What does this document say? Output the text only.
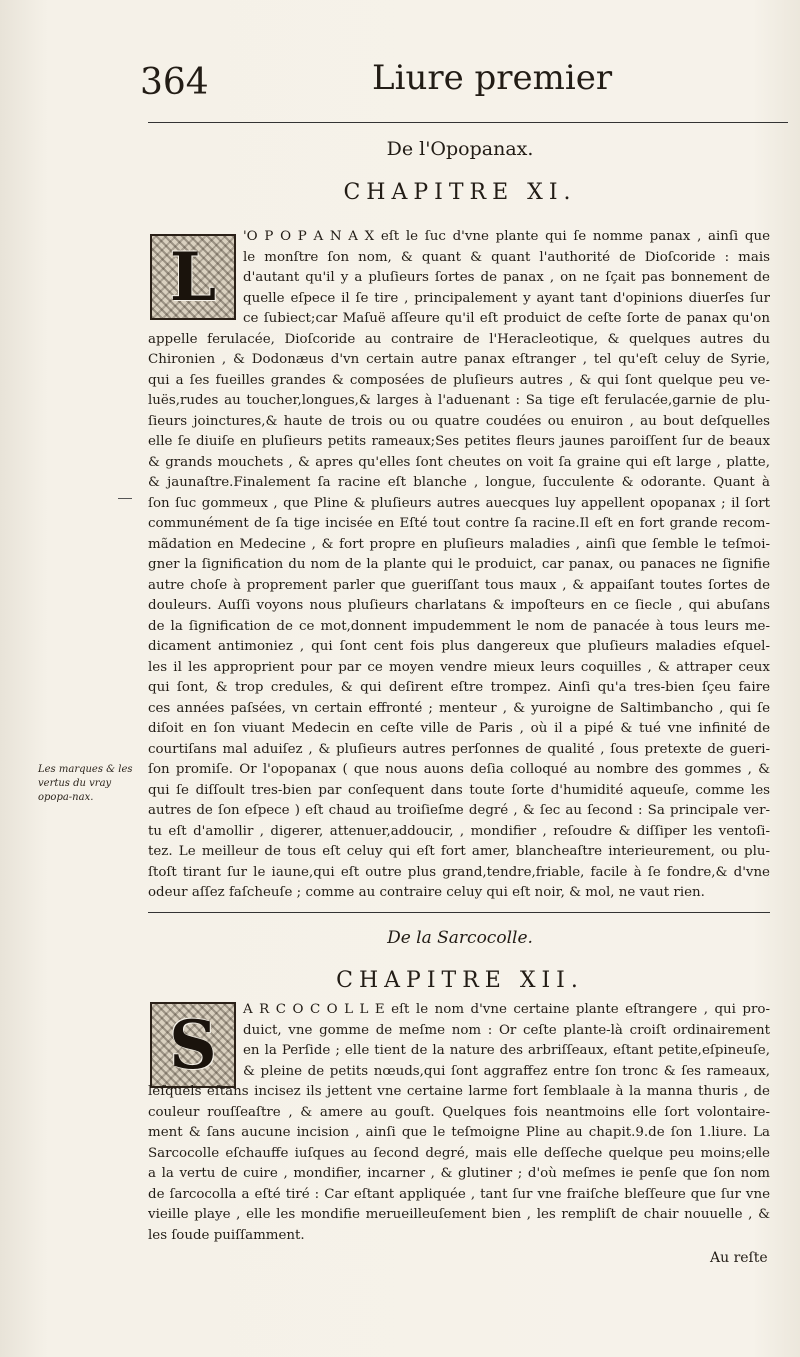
364	Liure premier
De l'Opopanax.
CHAPITRE XI.
L
'O P O P A N A X eſt le ſuc d'vne plante qui ſe nomme panax , ainſi que
le monſtre ſon nom, & quant & quant l'authorité de Dioſcoride : mais
d'autant qu'il y a pluſieurs ſortes de panax , on ne ſçait pas bonnement de
quelle eſpece il ſe tire , principalement y ayant tant d'opinions diuerſes ſur
ce ſubiect;car Maſuë aſſeure qu'il eſt produict de ceſte ſorte de panax qu'on
appelle ferulacée, Dioſcoride au contraire de l'Heracleotique, & quelques autres du
Chironien , & Dodonæus d'vn certain autre panax eſtranger , tel qu'eſt celuy de Syrie,
qui a ſes fueilles grandes & composées de pluſieurs autres , & qui ſont quelque peu ve-
luës,rudes au toucher,longues,& larges à l'aduenant : Sa tige eſt ferulacée,garnie de plu-
ſieurs joinctures,& haute de trois ou ou quatre coudées ou enuiron , au bout deſquelles
elle ſe diuiſe en pluſieurs petits rameaux;Ses petites fleurs jaunes paroiſſent ſur de beaux
& grands mouchets , & apres qu'elles ſont cheutes on voit ſa graine qui eſt large , platte,
& jaunaſtre.Finalement ſa racine eſt blanche , longue, ſucculente & odorante. Quant à
ſon ſuc gommeux , que Pline & pluſieurs autres auecques luy appellent opopanax ; il ſort
communément de ſa tige incisée en Eſté tout contre ſa racine.Il eſt en fort grande recom-
mãdation en Medecine , & fort propre en pluſieurs maladies , ainſi que ſemble le teſmoi-
gner la ſignification du nom de la plante qui le produict, car panax, ou panaces ne ſignifie
autre choſe à proprement parler que gueriſſant tous maux , & appaiſant toutes ſortes de
douleurs. Auſſi voyons nous pluſieurs charlatans & impoſteurs en ce ſiecle , qui abuſans
de la ſignification de ce mot,donnent impudemment le nom de panacée à tous leurs me-
dicament antimoniez , qui ſont cent fois plus dangereux que pluſieurs maladies eſquel-
les il les approprient pour par ce moyen vendre mieux leurs coquilles , & attraper ceux
qui ſont, & trop credules, & qui deſirent eſtre trompez. Ainſi qu'a tres-bien ſçeu faire
ces années paſsées, vn certain effronté ; menteur , & yuroigne de Saltimbancho , qui ſe
diſoit en ſon viuant Medecin en ceſte ville de Paris , où il a pipé & tué vne infinité de
courtiſans mal aduiſez , & pluſieurs autres perſonnes de qualité , ſous pretexte de gueri-
ſon promiſe. Or l'opopanax ( que nous auons deſia colloqué au nombre des gommes , &
qui ſe diſſoult tres-bien par conſequent dans toute ſorte d'humidité aqueuſe, comme les
autres de ſon eſpece ) eſt chaud au troiſieſme degré , & ſec au ſecond : Sa principale ver-
tu eſt d'amollir , digerer, attenuer,addoucir, , mondifier , reſoudre & diſſiper les ventoſi-
tez. Le meilleur de tous eſt celuy qui eſt fort amer, blancheaſtre interieurement, ou plu-
ſtoſt tirant ſur le iaune,qui eſt outre plus grand,tendre,friable, facile à ſe fondre,& d'vne
odeur aſſez faſcheuſe ; comme au contraire celuy qui eſt noir, & mol, ne vaut rien.
Les marques & les vertus du vray opopa-nax.
De la Sarcocolle.
CHAPITRE XII.
S	A R C O C O L L E eſt le nom d'vne certaine plante eſtrangere , qui pro-
duict, vne gomme de meſme nom : Or ceſte plante-là croiſt ordinairement
en la Perſide ; elle tient de la nature des arbriſſeaux, eſtant petite,eſpineuſe,
& pleine de petits nœuds,qui ſont aggraffez entre ſon tronc & ſes rameaux,
leſquels eſtans incisez ils jettent vne certaine larme fort ſemblaale à la manna thuris , de
couleur rouſſeaſtre , & amere au gouſt. Quelques fois neantmoins elle ſort volontaire-
ment & ſans aucune incision , ainſi que le teſmoigne Pline au chapit.9.de ſon 1.liure. La
Sarcocolle eſchauffe iuſques au ſecond degré, mais elle deſſeche quelque peu moins;elle
a la vertu de cuire , mondifier, incarner , & glutiner ; d'où meſmes ie penſe que ſon nom
de ſarcocolla a eſté tiré : Car eſtant appliquée , tant ſur vne fraiſche bleſſeure que ſur vne
vieille playe , elle les mondifie merueilleuſement bien , les rempliſt de chair nouuelle , &
les ſoude puiſſamment.
Au reſte
